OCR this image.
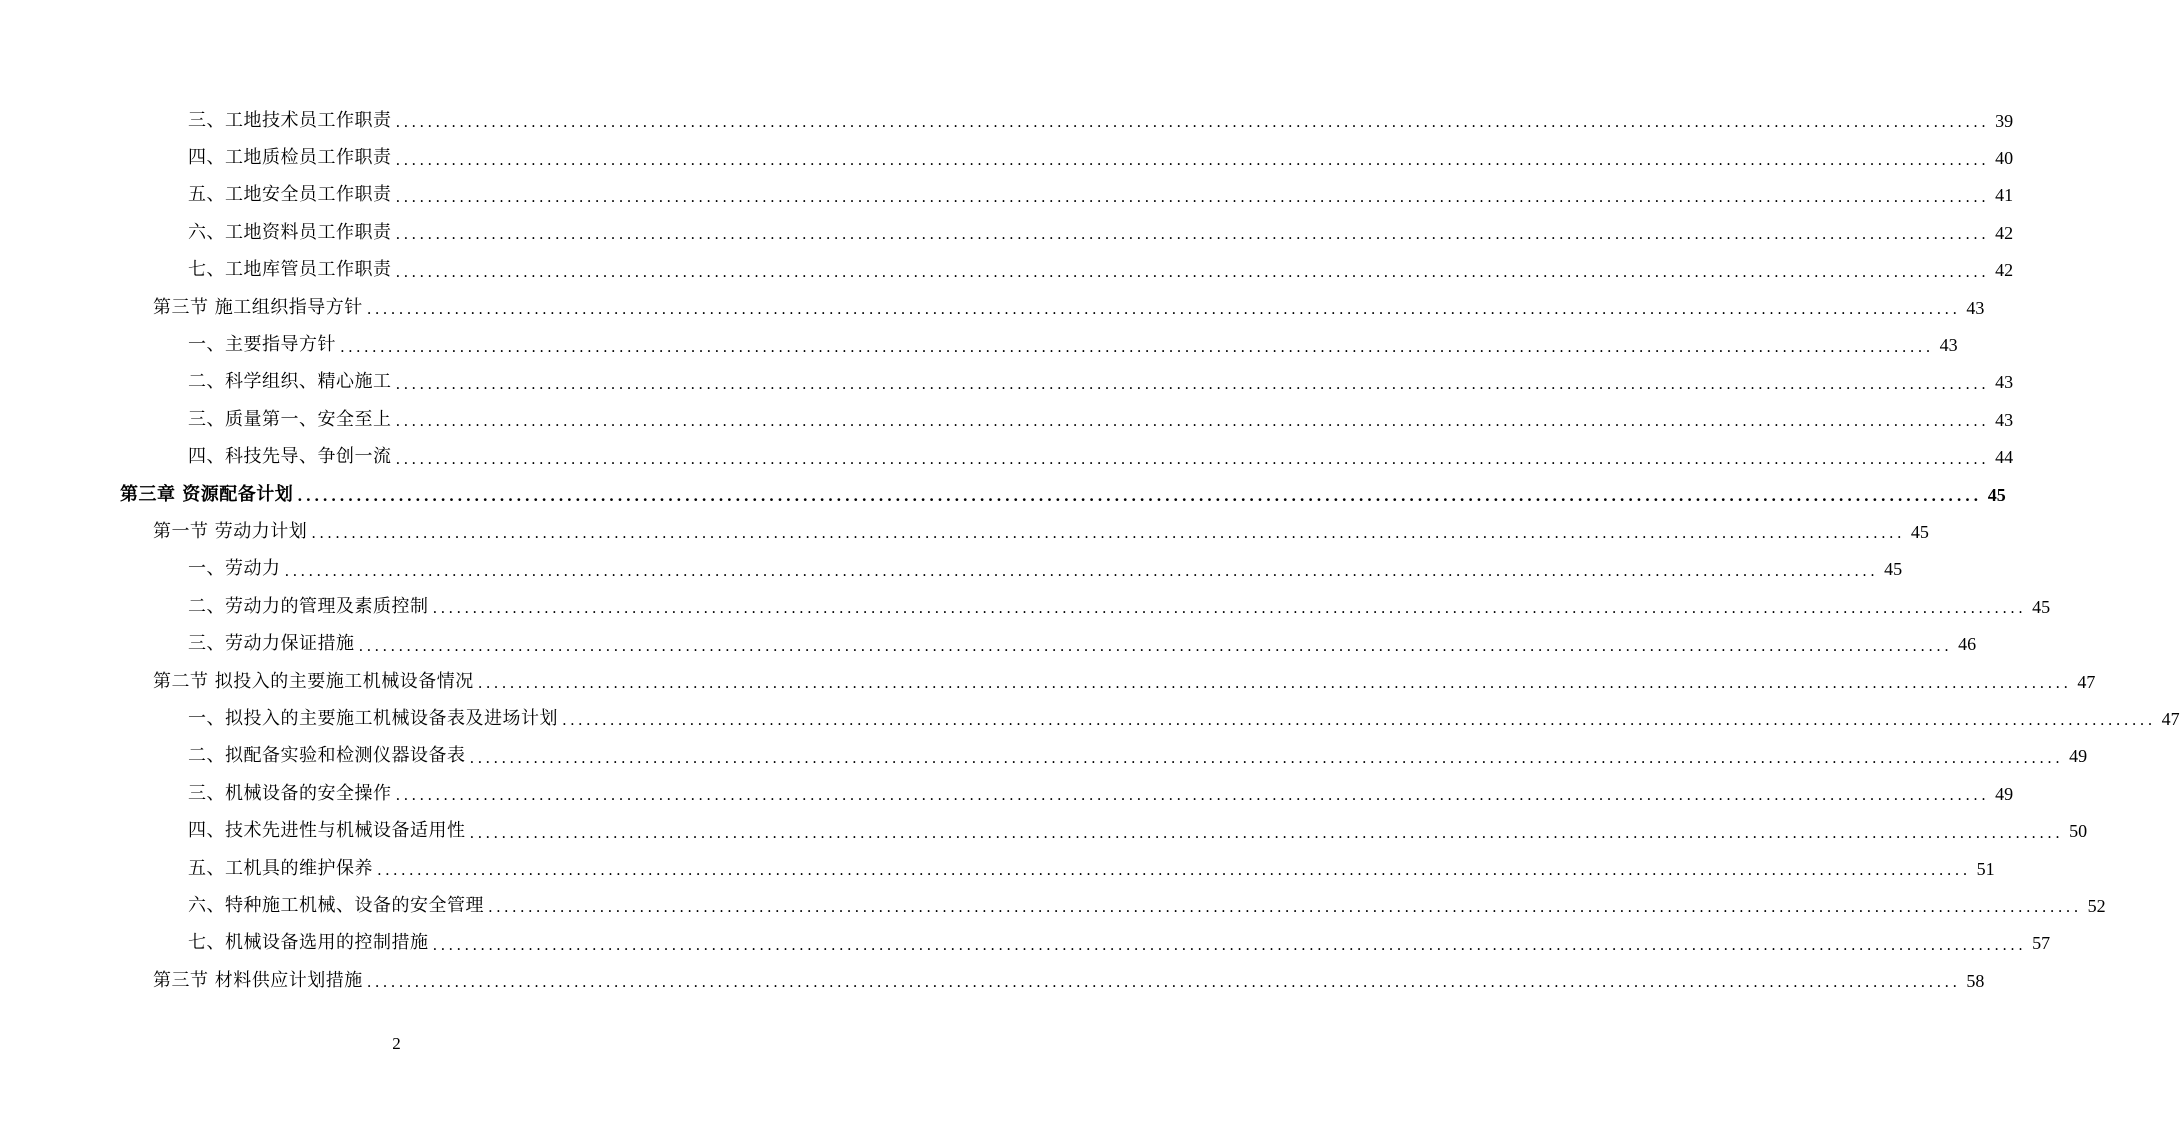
三、工地技术员工作职责 ........................................................................................................................................................................................................ 39
四、工地质检员工作职责 ........................................................................................................................................................................................................ 40
五、工地安全员工作职责 ........................................................................................................................................................................................................ 41
六、工地资料员工作职责 ........................................................................................................................................................................................................ 42
七、工地库管员工作职责 ........................................................................................................................................................................................................ 42
第三节 施工组织指导方针 ........................................................................................................................................................................................................ 43
一、主要指导方针 ........................................................................................................................................................................................................ 43
二、科学组织、精心施工 ........................................................................................................................................................................................................ 43
三、质量第一、安全至上 ........................................................................................................................................................................................................ 43
四、科技先导、争创一流 ........................................................................................................................................................................................................ 44
第三章 资源配备计划 ........................................................................................................................................................................................................ 45
第一节 劳动力计划 ........................................................................................................................................................................................................ 45
一、劳动力 ........................................................................................................................................................................................................ 45
二、劳动力的管理及素质控制 ........................................................................................................................................................................................................ 45
三、劳动力保证措施 ........................................................................................................................................................................................................ 46
第二节 拟投入的主要施工机械设备情况 ........................................................................................................................................................................................................ 47
一、拟投入的主要施工机械设备表及进场计划 ........................................................................................................................................................................................................ 47
二、拟配备实验和检测仪器设备表 ........................................................................................................................................................................................................ 49
三、机械设备的安全操作 ........................................................................................................................................................................................................ 49
四、技术先进性与机械设备适用性 ........................................................................................................................................................................................................ 50
五、工机具的维护保养 ........................................................................................................................................................................................................ 51
六、特种施工机械、设备的安全管理 ........................................................................................................................................................................................................ 52
七、机械设备选用的控制措施 ........................................................................................................................................................................................................ 57
第三节 材料供应计划措施 ........................................................................................................................................................................................................ 58
2
